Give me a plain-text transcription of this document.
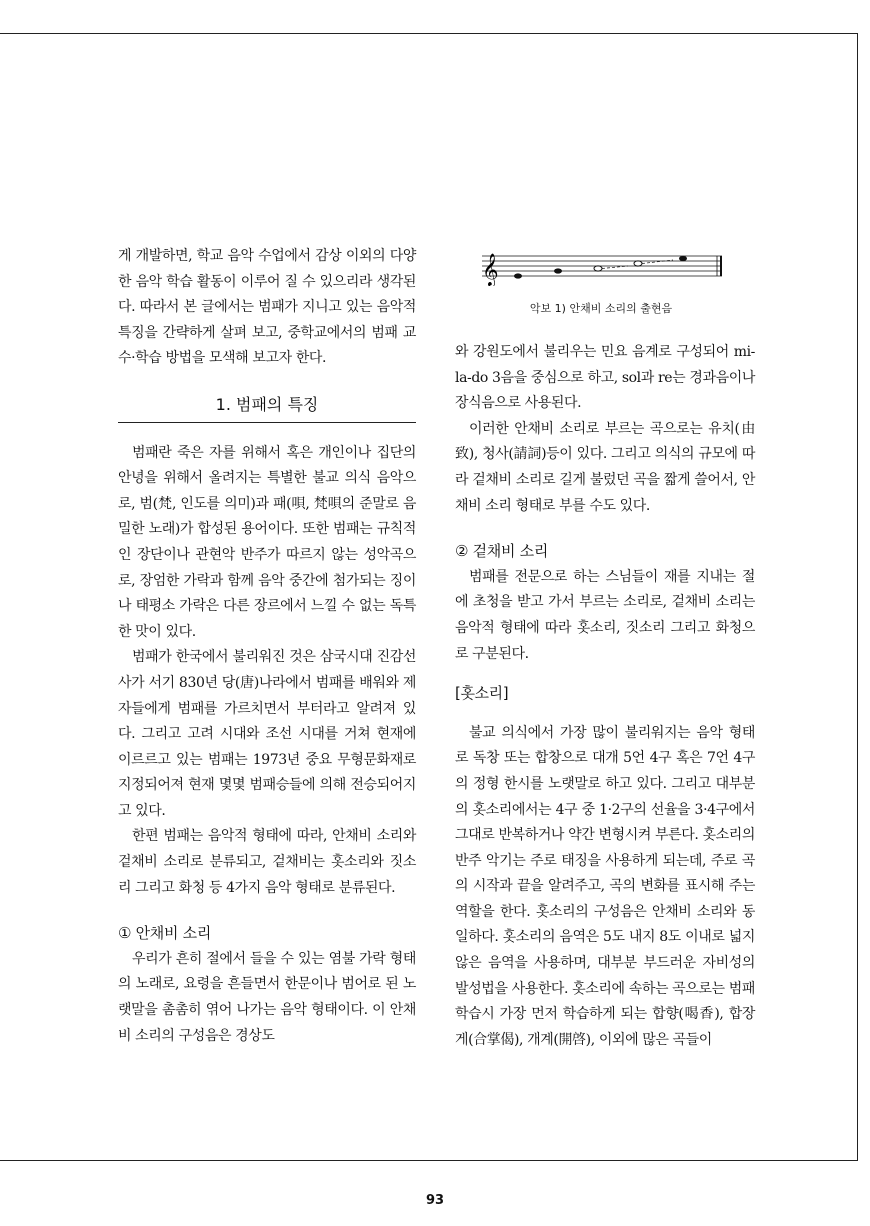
게 개발하면, 학교 음악 수업에서 감상 이외의 다양한 음악 학습 활동이 이루어 질 수 있으리라 생각된다. 따라서 본 글에서는 범패가 지니고 있는 음악적 특징을 간략하게 살펴 보고, 중학교에서의 범패 교수·학습 방법을 모색해 보고자 한다.

1. 범패의 특징

범패란 죽은 자를 위해서 혹은 개인이나 집단의 안녕을 위해서 올려지는 특별한 불교 의식 음악으로, 범(梵, 인도를 의미)과 패(唄, 梵唄의 준말로 음밀한 노래)가 합성된 용어이다. 또한 범패는 규칙적인 장단이나 관현악 반주가 따르지 않는 성악곡으로, 장엄한 가락과 함께 음악 중간에 첨가되는 징이나 태평소 가락은 다른 장르에서 느낄 수 없는 독특한 맛이 있다.

범패가 한국에서 불리워진 것은 삼국시대 진감선사가 서기 830년 당(唐)나라에서 범패를 배워와 제자들에게 범패를 가르치면서 부터라고 알려져 있다. 그리고 고려 시대와 조선 시대를 거쳐 현재에 이르르고 있는 범패는 1973년 중요 무형문화재로 지정되어져 현재 몇몇 범패승들에 의해 전승되어지고 있다.

한편 범패는 음악적 형태에 따라, 안채비 소리와 겉채비 소리로 분류되고, 겉채비는 홋소리와 짓소리 그리고 화청 등 4가지 음악 형태로 분류된다.

① 안채비 소리

우리가 흔히 절에서 들을 수 있는 염불 가락 형태의 노래로, 요령을 흔들면서 한문이나 범어로 된 노랫말을 촘촘히 엮어 나가는 음악 형태이다. 이 안채비 소리의 구성음은 경상도

𝄞
악보 1) 안채비 소리의 출현음

와 강원도에서 불리우는 민요 음계로 구성되어 mi-la-do 3음을 중심으로 하고, sol과 re는 경과음이나 장식음으로 사용된다.

이러한 안채비 소리로 부르는 곡으로는 유치(由致), 청사(請詞)등이 있다. 그리고 의식의 규모에 따라 겉채비 소리로 길게 불렀던 곡을 짧게 쓸어서, 안채비 소리 형태로 부를 수도 있다.

② 겉채비 소리

범패를 전문으로 하는 스님들이 재를 지내는 절에 초청을 받고 가서 부르는 소리로, 겉채비 소리는 음악적 형태에 따라 홋소리, 짓소리 그리고 화청으로 구분된다.

[홋소리]

불교 의식에서 가장 많이 불리워지는 음악 형태로 독창 또는 합창으로 대개 5언 4구 혹은 7언 4구의 정형 한시를 노랫말로 하고 있다. 그리고 대부분의 홋소리에서는 4구 중 1·2구의 선율을 3·4구에서 그대로 반복하거나 약간 변형시켜 부른다. 홋소리의 반주 악기는 주로 태징을 사용하게 되는데, 주로 곡의 시작과 끝을 알려주고, 곡의 변화를 표시해 주는 역할을 한다. 홋소리의 구성음은 안채비 소리와 동일하다. 홋소리의 음역은 5도 내지 8도 이내로 넓지 않은 음역을 사용하며, 대부분 부드러운 자비성의 발성법을 사용한다. 홋소리에 속하는 곡으로는 범패 학습시 가장 먼저 학습하게 되는 합향(喝香), 합장게(合掌偈), 개계(開啓), 이외에 많은 곡들이

93
